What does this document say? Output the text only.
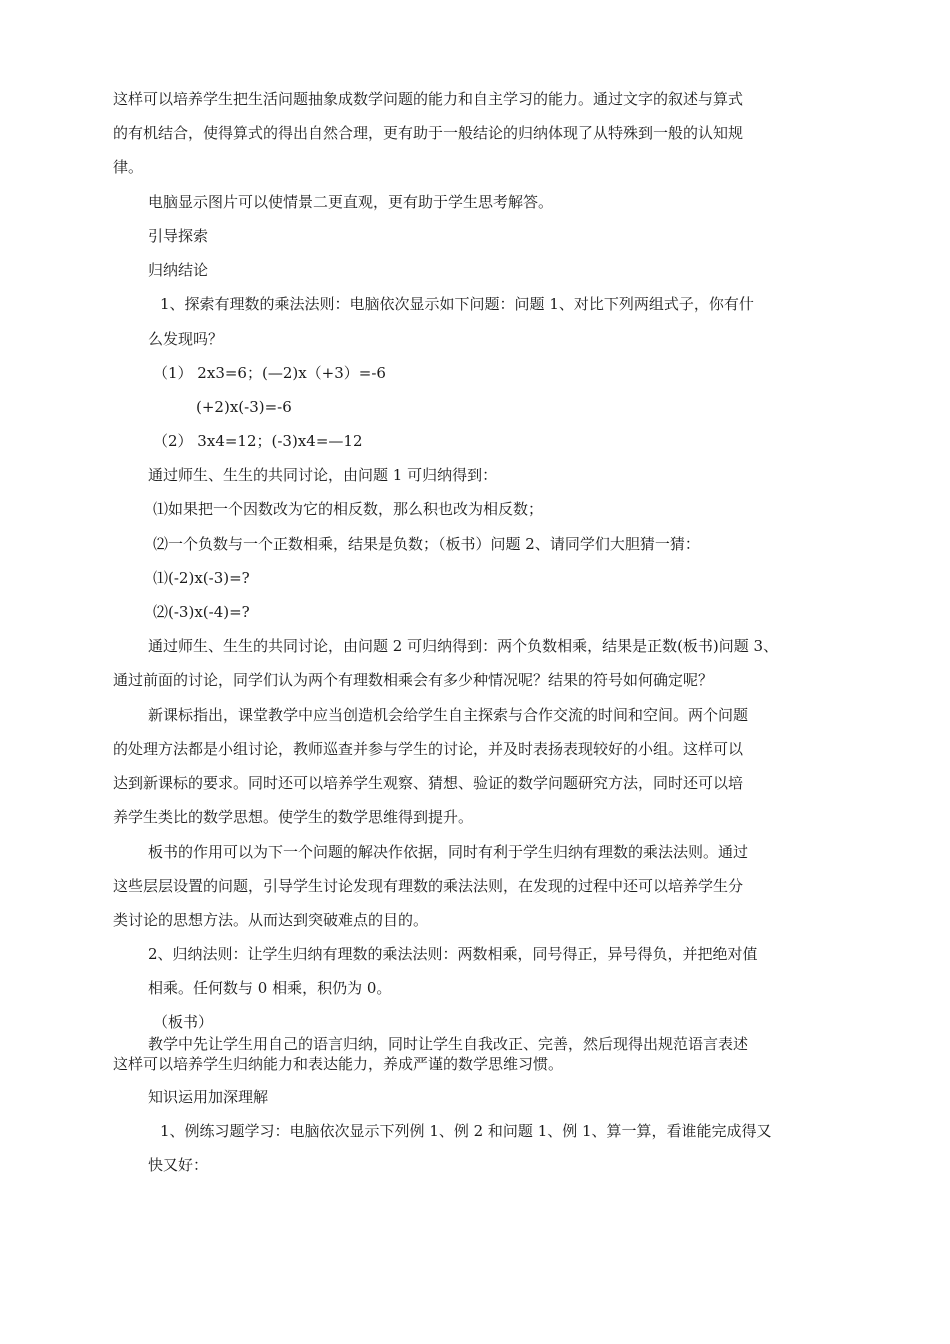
这样可以培养学生把生活问题抽象成数学问题的能力和自主学习的能力。通过文字的叙述与算式
的有机结合，使得算式的得出自然合理，更有助于一般结论的归纳体现了从特殊到一般的认知规
律。
电脑显示图片可以使情景二更直观，更有助于学生思考解答。
引导探索
归纳结论
1、探索有理数的乘法法则：电脑依次显示如下问题：问题 1、对比下列两组式子，你有什
么发现吗？
（1） 2x3=6；(—2)x（+3）=-6
(+2)x(-3)=-6
（2） 3x4=12；(-3)x4=—12
通过师生、生生的共同讨论，由问题 1 可归纳得到：
⑴如果把一个因数改为它的相反数，那么积也改为相反数；
⑵一个负数与一个正数相乘，结果是负数；（板书）问题 2、请同学们大胆猜一猜：
⑴(-2)x(-3)=?
⑵(-3)x(-4)=?
通过师生、生生的共同讨论，由问题 2 可归纳得到：两个负数相乘，结果是正数(板书)问题 3、
通过前面的讨论，同学们认为两个有理数相乘会有多少种情况呢？结果的符号如何确定呢？
新课标指出，课堂教学中应当创造机会给学生自主探索与合作交流的时间和空间。两个问题
的处理方法都是小组讨论，教师巡查并参与学生的讨论，并及时表扬表现较好的小组。这样可以
达到新课标的要求。同时还可以培养学生观察、猜想、验证的数学问题研究方法，同时还可以培
养学生类比的数学思想。使学生的数学思维得到提升。
板书的作用可以为下一个问题的解决作依据，同时有利于学生归纳有理数的乘法法则。通过
这些层层设置的问题，引导学生讨论发现有理数的乘法法则，在发现的过程中还可以培养学生分
类讨论的思想方法。从而达到突破难点的目的。
2、归纳法则：让学生归纳有理数的乘法法则：两数相乘，同号得正，异号得负，并把绝对值
相乘。任何数与 0 相乘，积仍为 0。
（板书）
教学中先让学生用自己的语言归纳，同时让学生自我改正、完善，然后现得出规范语言表述
这样可以培养学生归纳能力和表达能力，养成严谨的数学思维习惯。
知识运用加深理解
1、例练习题学习：电脑依次显示下列例 1、例 2 和问题 1、例 1、算一算，看谁能完成得又
快又好：
